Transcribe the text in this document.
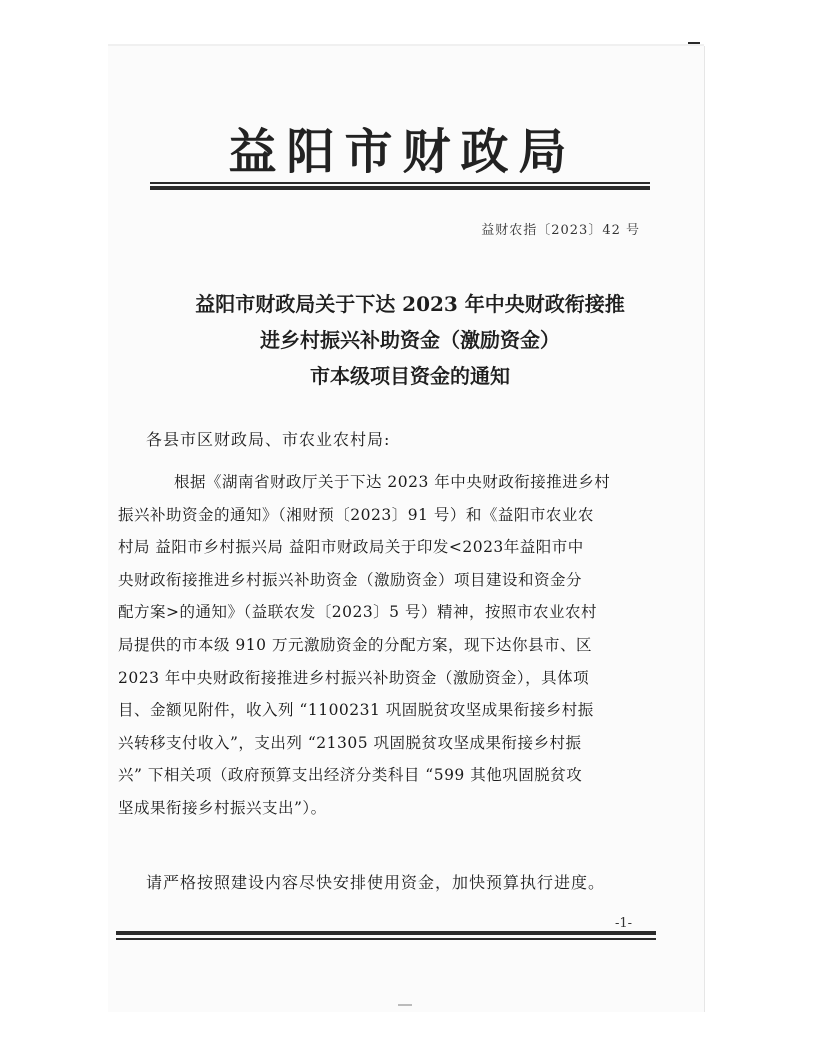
益阳市财政局
益财农指〔2023〕42 号
益阳市财政局关于下达 2023 年中央财政衔接推
进乡村振兴补助资金（激励资金）
市本级项目资金的通知
各县市区财政局、市农业农村局:
根据《湖南省财政厅关于下达 2023 年中央财政衔接推进乡村
振兴补助资金的通知》（湘财预〔2023〕91 号）和《益阳市农业农
村局 益阳市乡村振兴局 益阳市财政局关于印发<2023年益阳市中
央财政衔接推进乡村振兴补助资金（激励资金）项目建设和资金分
配方案>的通知》（益联农发〔2023〕5 号）精神，按照市农业农村
局提供的市本级 910 万元激励资金的分配方案，现下达你县市、区
2023 年中央财政衔接推进乡村振兴补助资金（激励资金），具体项
目、金额见附件，收入列 “1100231 巩固脱贫攻坚成果衔接乡村振
兴转移支付收入”，支出列 “21305 巩固脱贫攻坚成果衔接乡村振
兴” 下相关项（政府预算支出经济分类科目 “599 其他巩固脱贫攻
坚成果衔接乡村振兴支出”）。
请严格按照建设内容尽快安排使用资金，加快预算执行进度。
-1-
